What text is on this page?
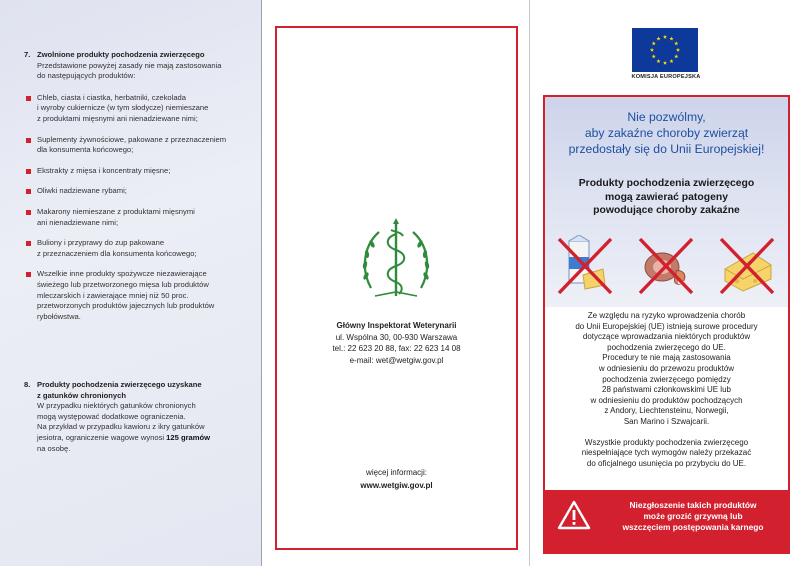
7. Zwolnione produkty pochodzenia zwierzęcego
Przedstawione powyżej zasady nie mają zastosowania
do następujących produktów:
Chleb, ciasta i ciastka, herbatniki, czekolada
i wyroby cukiernicze (w tym słodycze) niemieszane
z produktami mięsnymi ani nienadziewane nimi;
Suplementy żywnościowe, pakowane z przeznaczeniem
dla konsumenta końcowego;
Ekstrakty z mięsa i koncentraty mięsne;
Oliwki nadziewane rybami;
Makarony niemieszane z produktami mięsnymi
ani nienadziewane nimi;
Buliony i przyprawy do zup pakowane
z przeznaczeniem dla konsumenta końcowego;
Wszelkie inne produkty spożywcze niezawierające
świeżego lub przetworzonego mięsa lub produktów
mleczarskich i zawierające mniej niż 50 proc.
przetworzonych produktów jajecznych lub produktów
rybołówstwa.
8. Produkty pochodzenia zwierzęcego uzyskane
z gatunków chronionych
W przypadku niektórych gatunków chronionych
mogą występować dodatkowe ograniczenia.
Na przykład w przypadku kawioru z ikry gatunków
jesiotra, ograniczenie wagowe wynosi 125 gramów
na osobę.
Główny Inspektorat Weterynarii
ul. Wspólna 30, 00-930 Warszawa
tel.: 22 623 20 88, fax: 22 623 14 08
e-mail: wet@wetgiw.gov.pl
więcej informacji:
www.wetgiw.gov.pl
KOMISJA EUROPEJSKA
Nie pozwólmy,
aby zakaźne choroby zwierząt
przedostały się do Unii Europejskiej!
Produkty pochodzenia zwierzęcego
mogą zawierać patogeny
powodujące choroby zakaźne
Ze względu na ryzyko wprowadzenia chorób
do Unii Europejskiej (UE) istnieją surowe procedury
dotyczące wprowadzania niektórych produktów
pochodzenia zwierzęcego do UE.
Procedury te nie mają zastosowania
w odniesieniu do przewozu produktów
pochodzenia zwierzęcego pomiędzy
28 państwami członkowskimi UE lub
w odniesieniu do produktów pochodzących
z Andory, Liechtensteinu, Norwegii,
San Marino i Szwajcarii.
Wszystkie produkty pochodzenia zwierzęcego
niespełniające tych wymogów należy przekazać
do oficjalnego usunięcia po przybyciu do UE.
Niezgłoszenie takich produktów
może grozić grzywną lub
wszczęciem postępowania karnego
